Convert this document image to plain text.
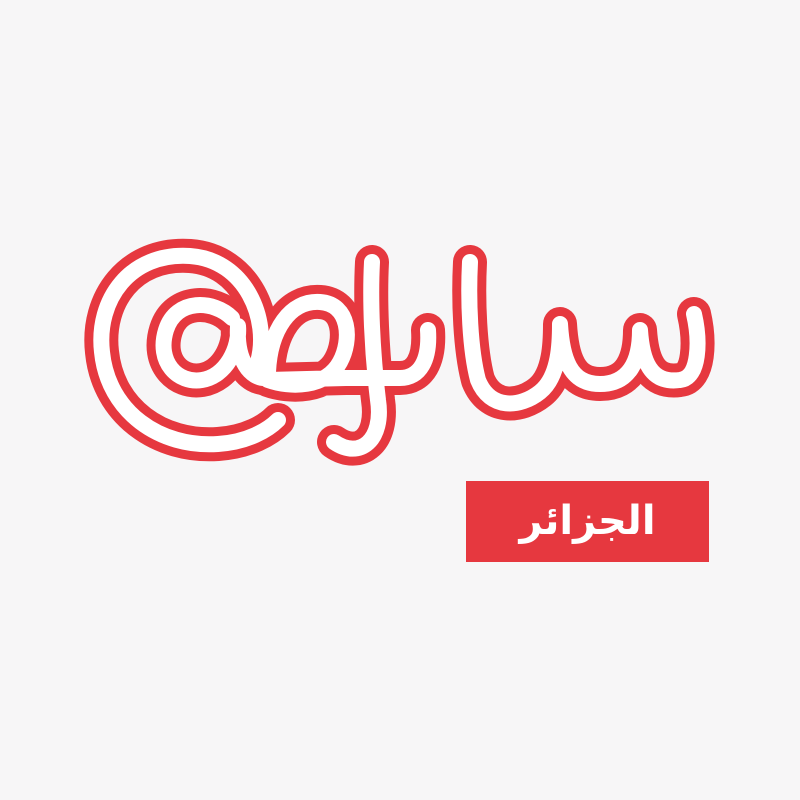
الجزائر
